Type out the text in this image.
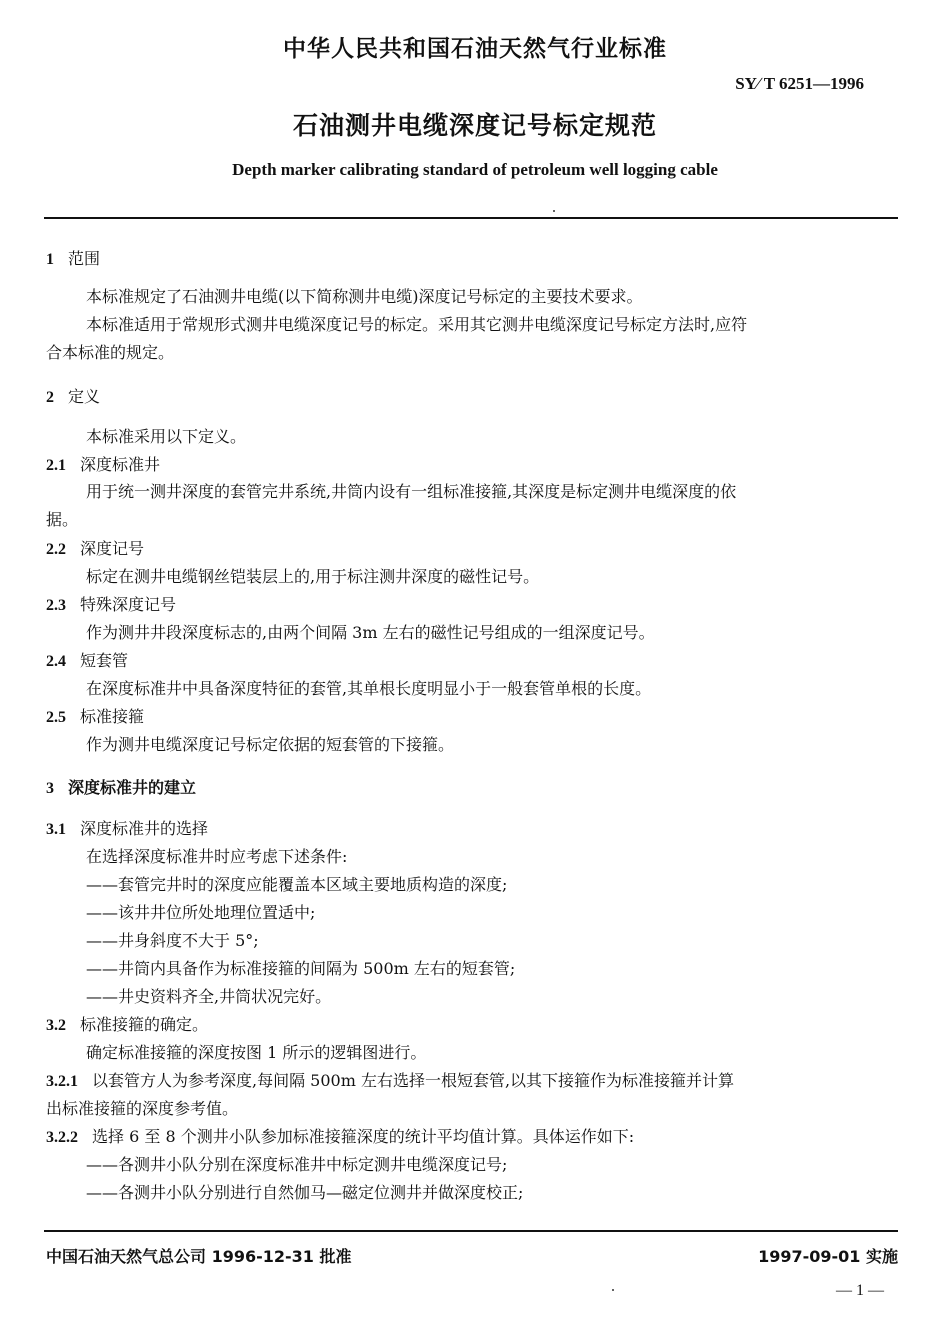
中华人民共和国石油天然气行业标准
SY∕ T 6251—1996
石油测井电缆深度记号标定规范
Depth marker calibrating standard of petroleum well logging cable
1 范围
本标准规定了石油测井电缆(以下简称测井电缆)深度记号标定的主要技术要求。
本标准适用于常规形式测井电缆深度记号的标定。采用其它测井电缆深度记号标定方法时,应符
合本标准的规定。
2 定义
本标准采用以下定义。
2.1 深度标准井
用于统一测井深度的套管完井系统,井筒内设有一组标准接箍,其深度是标定测井电缆深度的依
据。
2.2 深度记号
标定在测井电缆钢丝铠装层上的,用于标注测井深度的磁性记号。
2.3 特殊深度记号
作为测井井段深度标志的,由两个间隔 3m 左右的磁性记号组成的一组深度记号。
2.4 短套管
在深度标准井中具备深度特征的套管,其单根长度明显小于一般套管单根的长度。
2.5 标准接箍
作为测井电缆深度记号标定依据的短套管的下接箍。
3 深度标准井的建立
3.1 深度标准井的选择
在选择深度标准井时应考虑下述条件:
——套管完井时的深度应能覆盖本区域主要地质构造的深度;
——该井井位所处地理位置适中;
——井身斜度不大于 5°;
——井筒内具备作为标准接箍的间隔为 500m 左右的短套管;
——井史资料齐全,井筒状况完好。
3.2 标准接箍的确定。
确定标准接箍的深度按图 1 所示的逻辑图进行。
3.2.1 以套管方人为参考深度,每间隔 500m 左右选择一根短套管,以其下接箍作为标准接箍并计算
出标准接箍的深度参考值。
3.2.2 选择 6 至 8 个测井小队参加标准接箍深度的统计平均值计算。具体运作如下:
——各测井小队分别在深度标准井中标定测井电缆深度记号;
——各测井小队分别进行自然伽马—磁定位测井并做深度校正;
中国石油天然气总公司 1996-12-31 批准	1997-09-01 实施
— 1 —
